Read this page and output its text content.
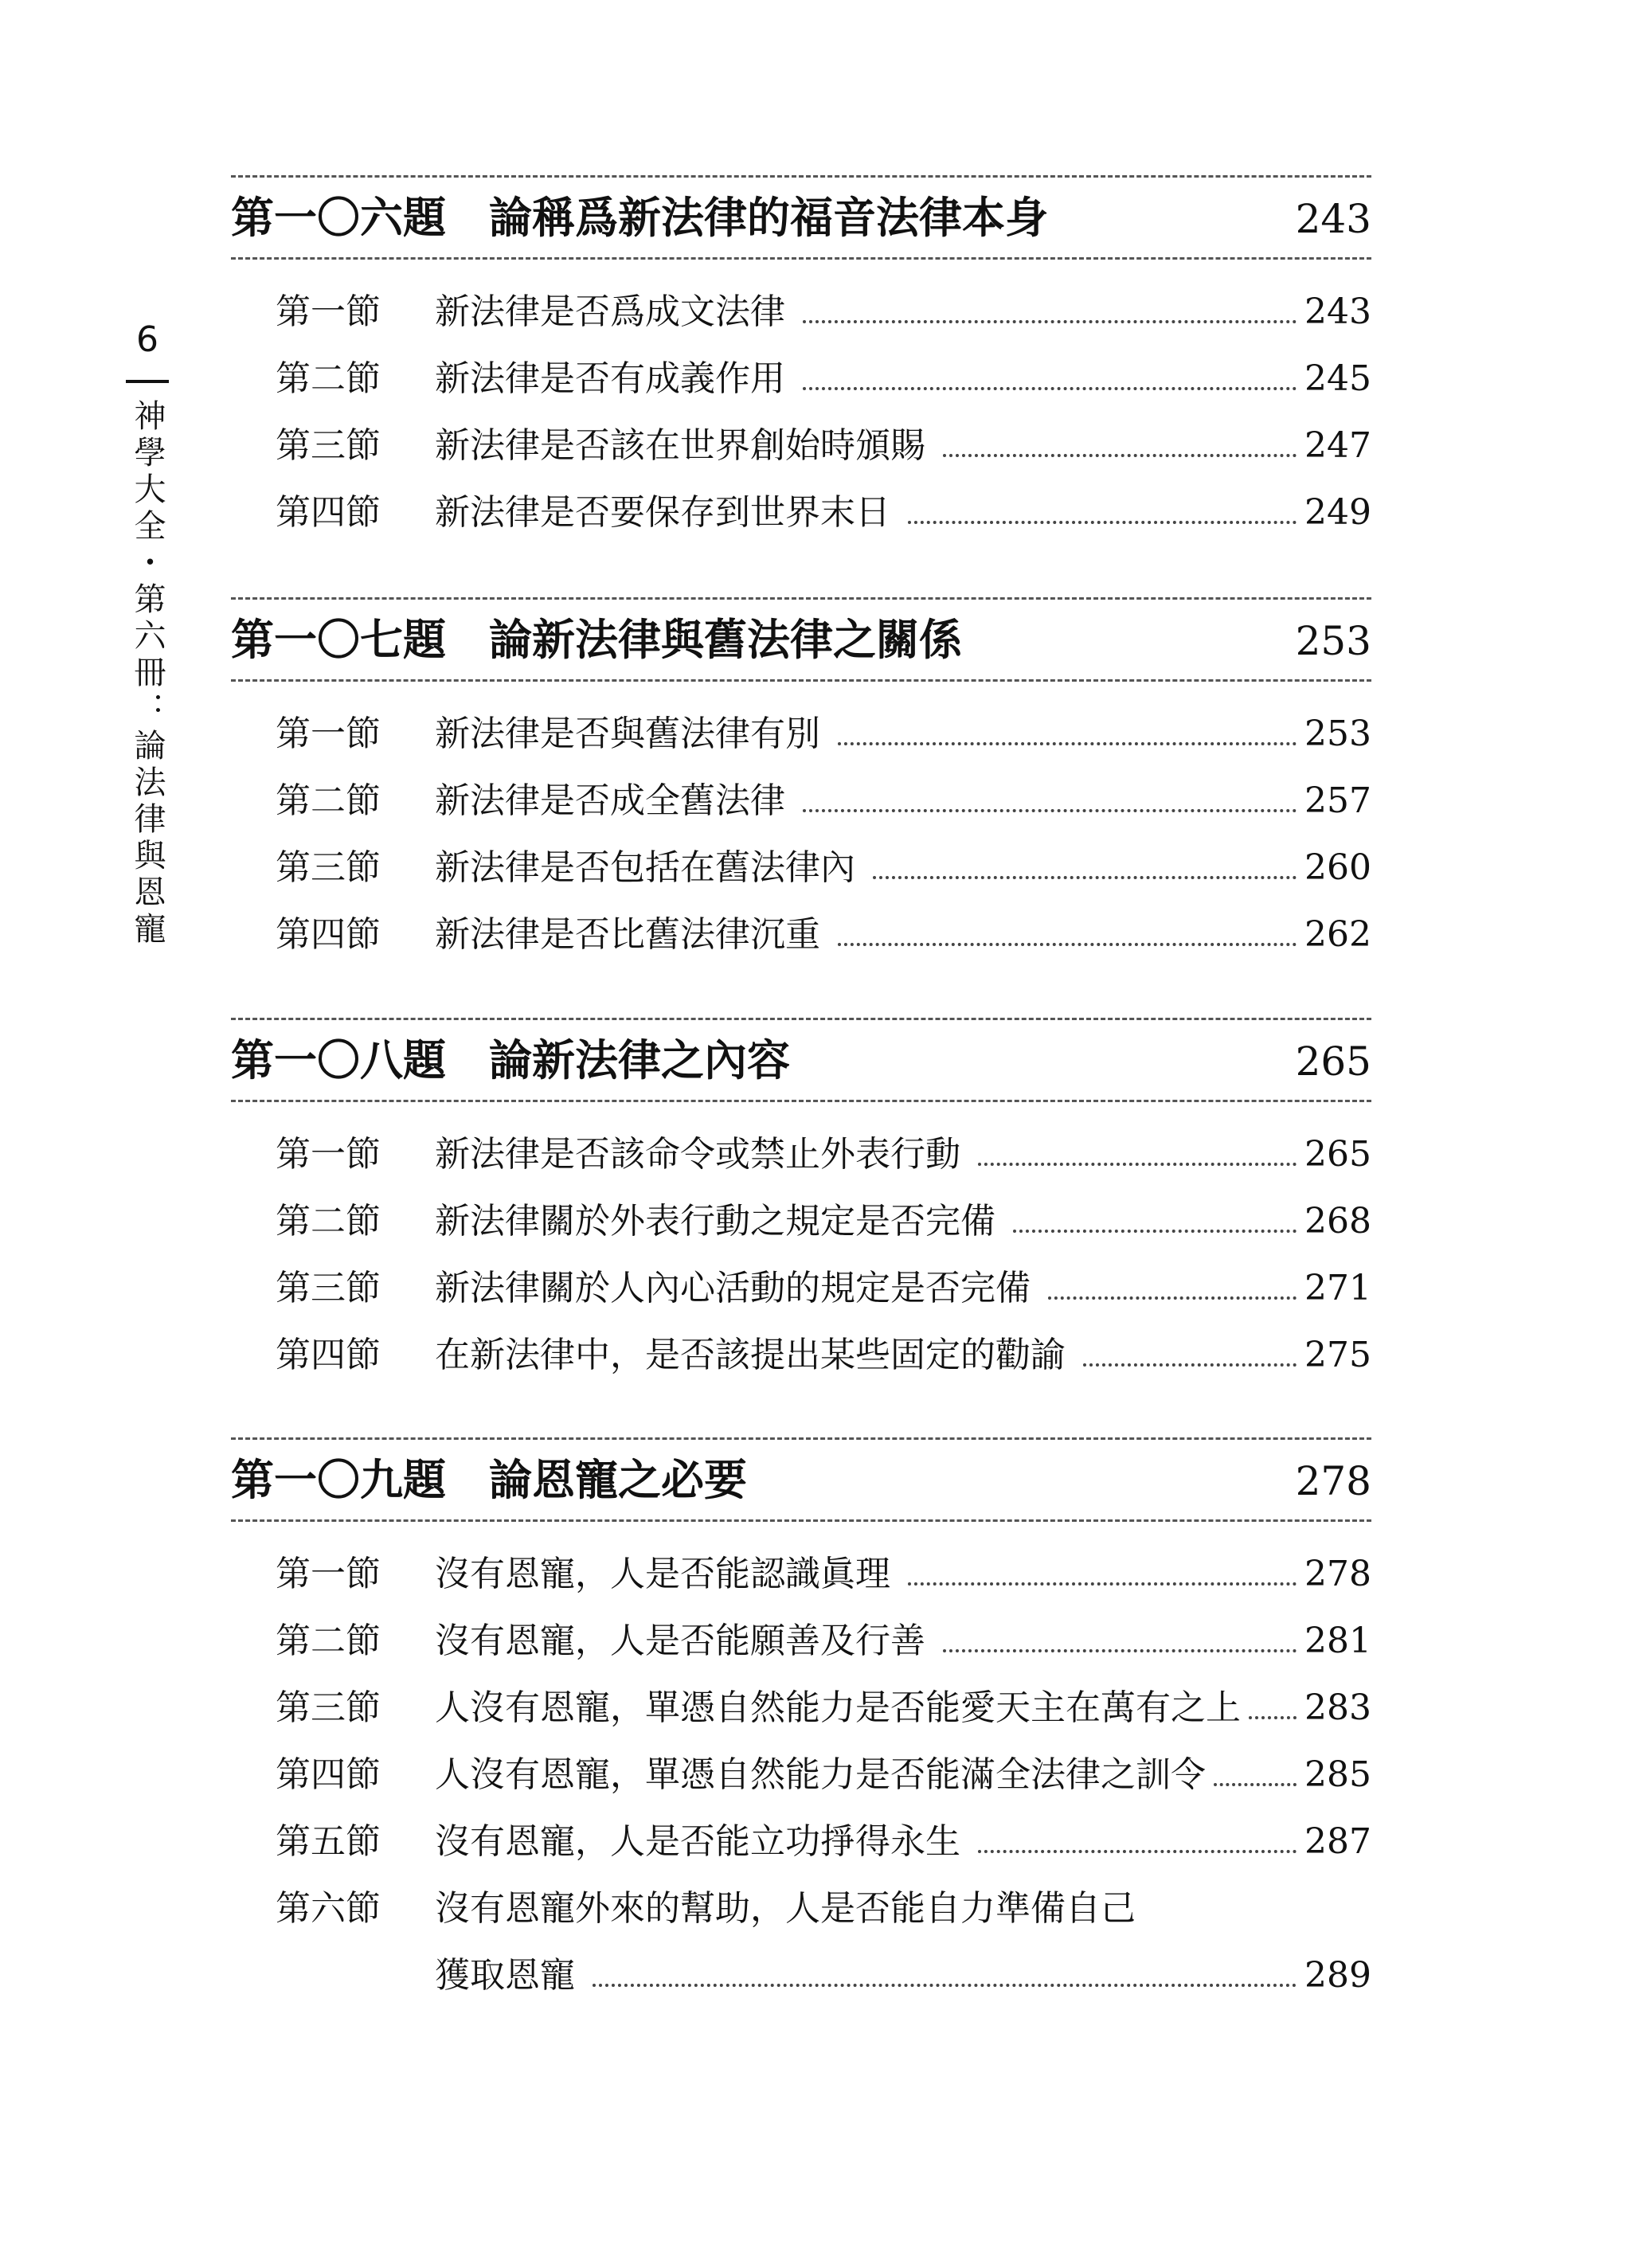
6
神學大全・第六冊：論法律與恩寵
第一〇六題　論稱爲新法律的福音法律本身	243
第一節	新法律是否爲成文法律	243
第二節	新法律是否有成義作用	245
第三節	新法律是否該在世界創始時頒賜	247
第四節	新法律是否要保存到世界末日	249
第一〇七題　論新法律與舊法律之關係	253
第一節	新法律是否與舊法律有別	253
第二節	新法律是否成全舊法律	257
第三節	新法律是否包括在舊法律內	260
第四節	新法律是否比舊法律沉重	262
第一〇八題　論新法律之內容	265
第一節	新法律是否該命令或禁止外表行動	265
第二節	新法律關於外表行動之規定是否完備	268
第三節	新法律關於人內心活動的規定是否完備	271
第四節	在新法律中，是否該提出某些固定的勸諭	275
第一〇九題　論恩寵之必要	278
第一節	沒有恩寵，人是否能認識眞理	278
第二節	沒有恩寵，人是否能願善及行善	281
第三節	人沒有恩寵，單憑自然能力是否能愛天主在萬有之上 283
第四節	人沒有恩寵，單憑自然能力是否能滿全法律之訓令	285
第五節	沒有恩寵，人是否能立功掙得永生	287
第六節	沒有恩寵外來的幫助，人是否能自力準備自己
獲取恩寵	289
